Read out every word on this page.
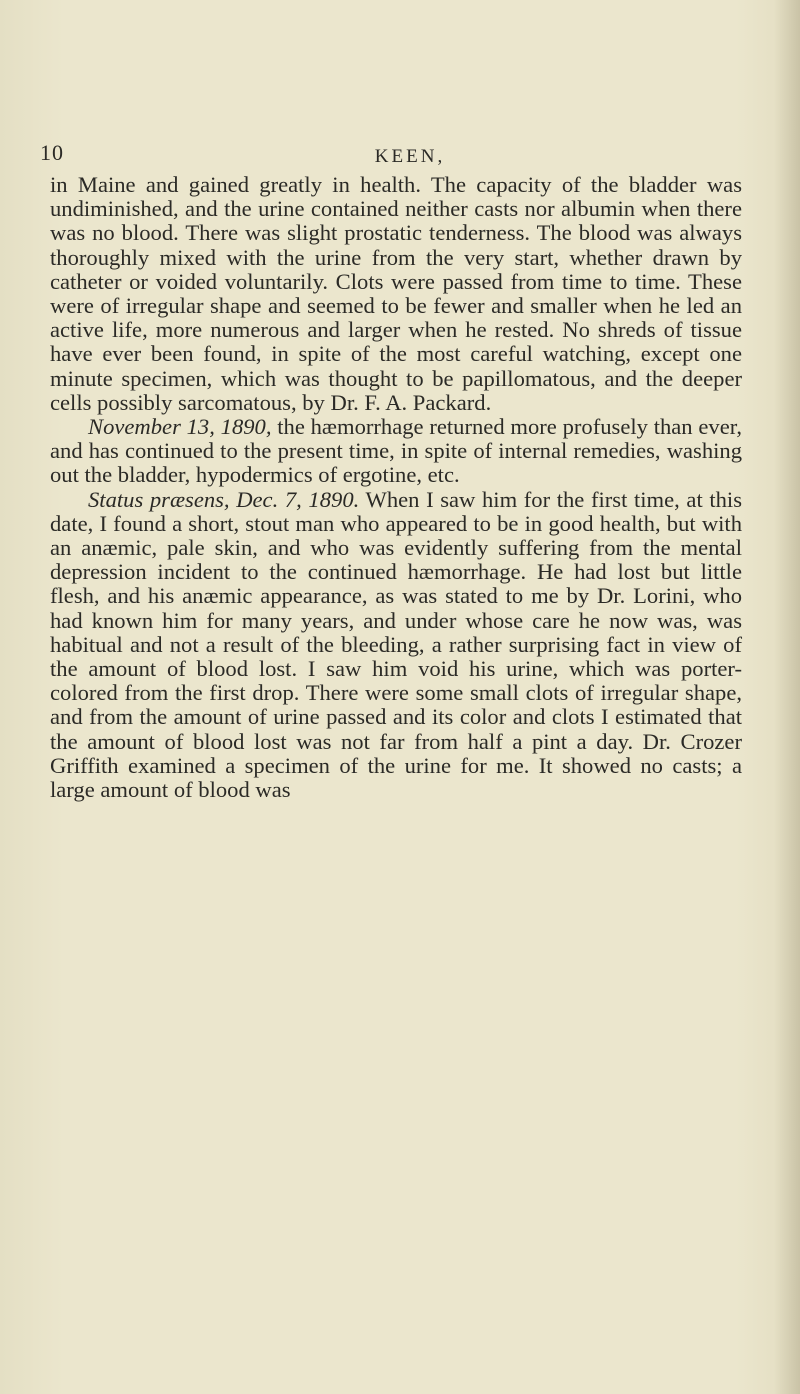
10	KEEN,

in Maine and gained greatly in health. The capacity of the bladder was undiminished, and the urine contained neither casts nor albumin when there was no blood. There was slight prostatic tenderness. The blood was always thoroughly mixed with the urine from the very start, whether drawn by catheter or voided voluntarily. Clots were passed from time to time. These were of irregular shape and seemed to be fewer and smaller when he led an active life, more numerous and larger when he rested. No shreds of tissue have ever been found, in spite of the most careful watching, except one minute specimen, which was thought to be papillomatous, and the deeper cells possibly sarcomatous, by Dr. F. A. Packard.

November 13, 1890, the hæmorrhage returned more profusely than ever, and has continued to the present time, in spite of internal remedies, washing out the bladder, hypodermics of ergotine, etc.

Status præsens, Dec. 7, 1890. When I saw him for the first time, at this date, I found a short, stout man who appeared to be in good health, but with an anæmic, pale skin, and who was evidently suffering from the mental depression incident to the continued hæmorrhage. He had lost but little flesh, and his anæmic appearance, as was stated to me by Dr. Lorini, who had known him for many years, and under whose care he now was, was habitual and not a result of the bleeding, a rather surprising fact in view of the amount of blood lost. I saw him void his urine, which was porter-colored from the first drop. There were some small clots of irregular shape, and from the amount of urine passed and its color and clots I estimated that the amount of blood lost was not far from half a pint a day. Dr. Crozer Griffith examined a specimen of the urine for me. It showed no casts; a large amount of blood was
